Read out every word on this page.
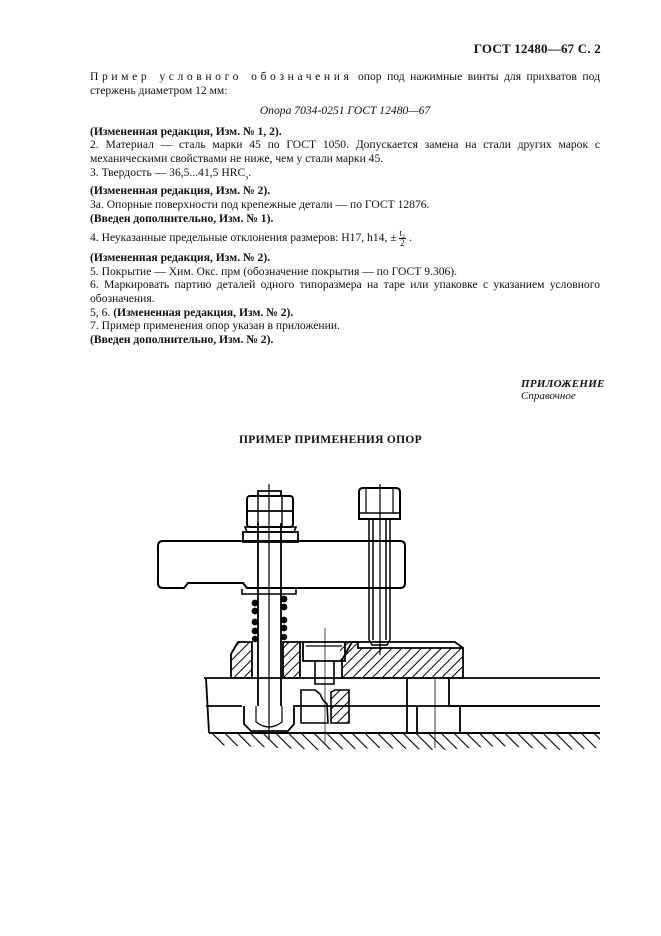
ГОСТ 12480—67 С. 2

Пример условного обозначения опор под нажимные винты для прихватов под стержень диаметром 12 мм:

Опора 7034-0251 ГОСТ 12480—67

(Измененная редакция, Изм. № 1, 2).

2. Материал — сталь марки 45 по ГОСТ 1050. Допускается замена на стали других марок с механическими свойствами не ниже, чем у стали марки 45.

3. Твердость — 36,5...41,5 $HRC_э$.

(Измененная редакция, Изм. № 2).

3а. Опорные поверхности под крепежные детали — по ГОСТ 12876.

(Введен дополнительно, Изм. № 1).

4. Неуказанные предельные отклонения размеров: Н17, h14, ± $\frac{\text{t₂}}{2}$ .

(Измененная редакция, Изм. № 2).

5. Покрытие — Хим. Окс. прм (обозначение покрытия — по ГОСТ 9.306).

6. Маркировать партию деталей одного типоразмера на таре или упаковке с указанием условного обозначения.

5, 6. (Измененная редакция, Изм. № 2).

7. Пример применения опор указан в приложении.

(Введен дополнительно, Изм. № 2).

ПРИЛОЖЕНИЕ
Справочное
ПРИМЕР ПРИМЕНЕНИЯ ОПОР
